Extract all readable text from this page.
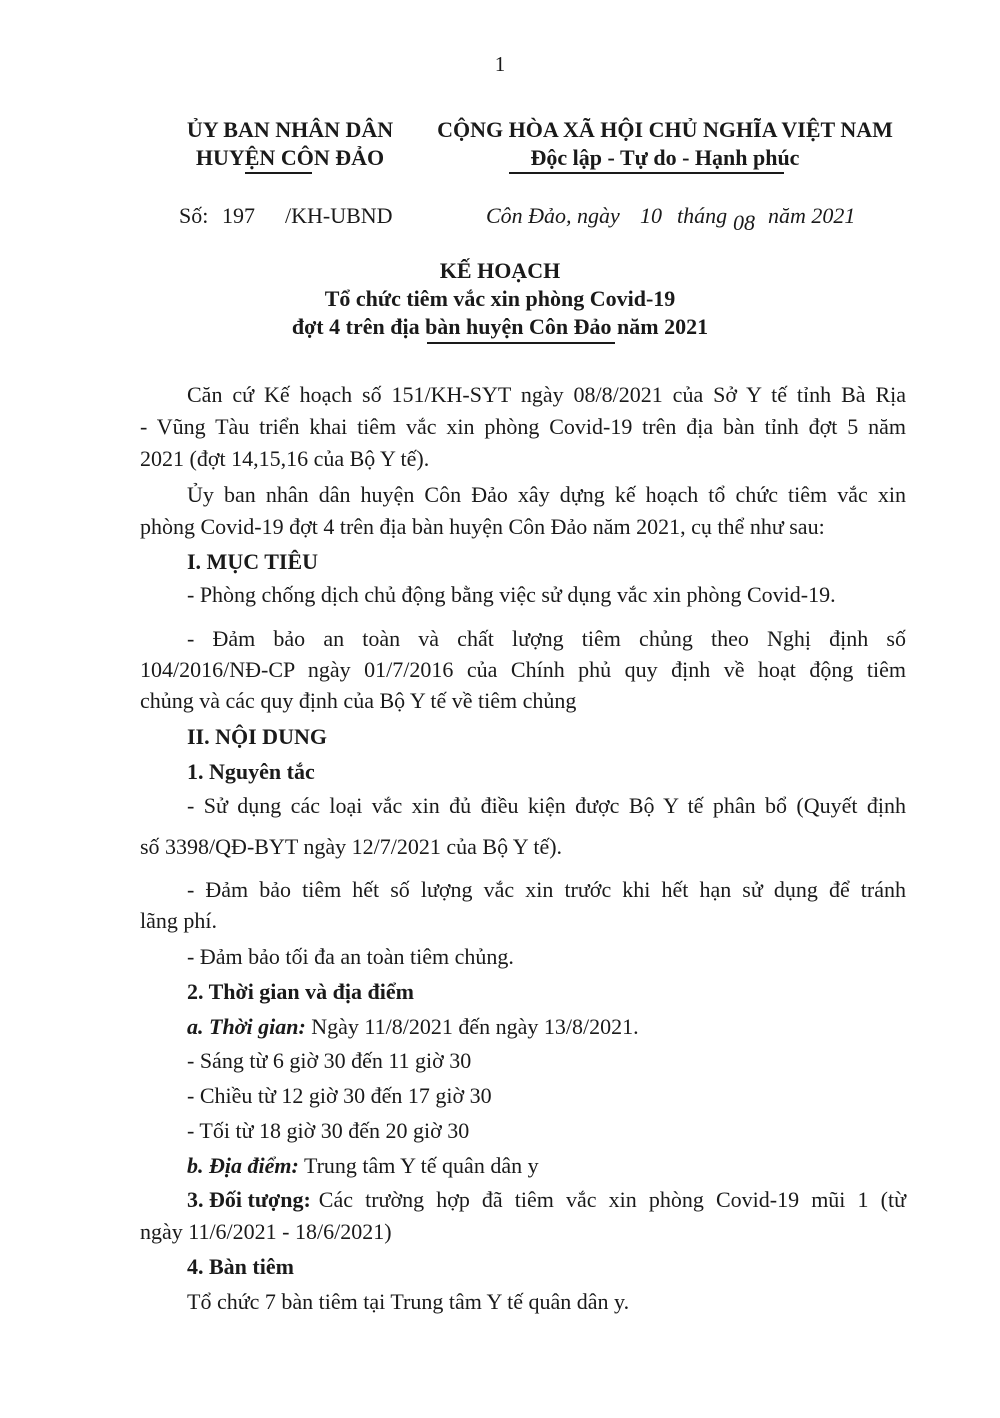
1
ỦY BAN NHÂN DÂN
HUYỆN CÔN ĐẢO
CỘNG HÒA XÃ HỘI CHỦ NGHĨA VIỆT NAM
Độc lập - Tự do - Hạnh phúc
Số: 197 /KH-UBND	Côn Đảo, ngày 10 tháng 08 năm 2021
KẾ HOẠCH
Tổ chức tiêm vắc xin phòng Covid-19
đợt 4 trên địa bàn huyện Côn Đảo năm 2021
Căn cứ Kế hoạch số 151/KH-SYT ngày 08/8/2021 của Sở Y tế tỉnh Bà Rịa
- Vũng Tàu triển khai tiêm vắc xin phòng Covid-19 trên địa bàn tỉnh đợt 5 năm
2021 (đợt 14,15,16 của Bộ Y tế).
Ủy ban nhân dân huyện Côn Đảo xây dựng kế hoạch tổ chức tiêm vắc xin
phòng Covid-19 đợt 4 trên địa bàn huyện Côn Đảo năm 2021, cụ thể như sau:
I. MỤC TIÊU
- Phòng chống dịch chủ động bằng việc sử dụng vắc xin phòng Covid-19.
- Đảm bảo an toàn và chất lượng tiêm chủng theo Nghị định số
104/2016/NĐ-CP ngày 01/7/2016 của Chính phủ quy định về hoạt động tiêm
chủng và các quy định của Bộ Y tế về tiêm chủng
II. NỘI DUNG
1. Nguyên tắc
- Sử dụng các loại vắc xin đủ điều kiện được Bộ Y tế phân bổ (Quyết định
số 3398/QĐ-BYT ngày 12/7/2021 của Bộ Y tế).
- Đảm bảo tiêm hết số lượng vắc xin trước khi hết hạn sử dụng để tránh
lãng phí.
- Đảm bảo tối đa an toàn tiêm chủng.
2. Thời gian và địa điểm
a. Thời gian: Ngày 11/8/2021 đến ngày 13/8/2021.
- Sáng từ 6 giờ 30 đến 11 giờ 30
- Chiều từ 12 giờ 30 đến 17 giờ 30
- Tối từ 18 giờ 30 đến 20 giờ 30
b. Địa điểm: Trung tâm Y tế quân dân y
3. Đối tượng: Các trường hợp đã tiêm vắc xin phòng Covid-19 mũi 1 (từ
ngày 11/6/2021 - 18/6/2021)
4. Bàn tiêm
Tổ chức 7 bàn tiêm tại Trung tâm Y tế quân dân y.
